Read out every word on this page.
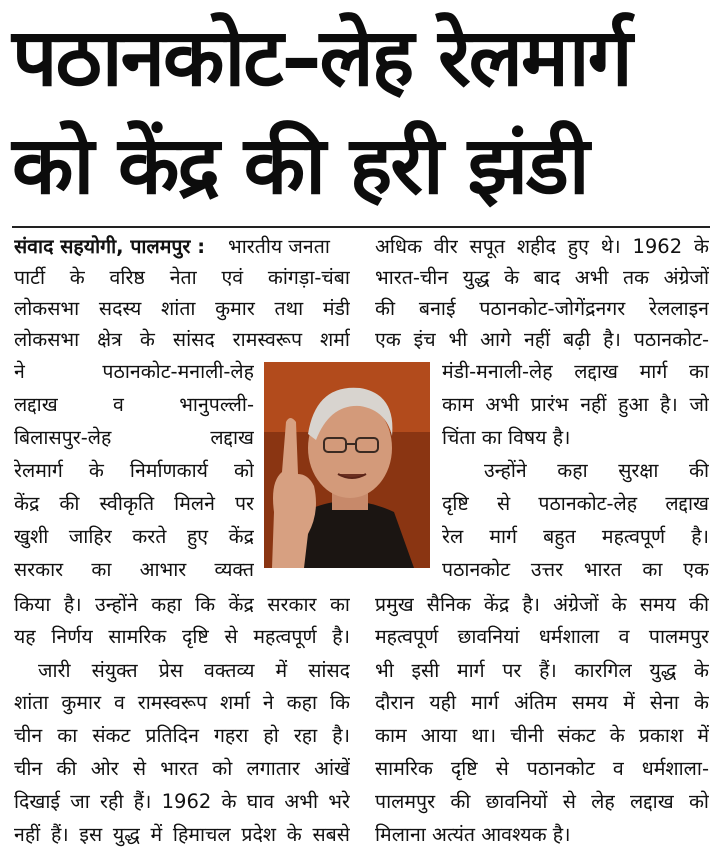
पठानकोट–लेह रेलमार्ग
को केंद्र की हरी झंडी
संवाद सहयोगी, पालमपुर :	भारतीय जनता
पार्टी के वरिष्ठ नेता एवं कांगड़ा-चंबा
लोकसभा सदस्य शांता कुमार तथा मंडी
लोकसभा क्षेत्र के सांसद रामस्वरूप शर्मा
ने पठानकोट-मनाली-लेह
लद्दाख व भानुपल्ली-
बिलासपुर-लेह लद्दाख
रेलमार्ग के निर्माणकार्य को
केंद्र की स्वीकृति मिलने पर
खुशी जाहिर करते हुए केंद्र
सरकार का आभार व्यक्त
किया है। उन्होंने कहा कि केंद्र सरकार का
यह निर्णय सामरिक दृष्टि से महत्वपूर्ण है।
जारी संयुक्त प्रेस वक्तव्य में सांसद
शांता कुमार व रामस्वरूप शर्मा ने कहा कि
चीन का संकट प्रतिदिन गहरा हो रहा है।
चीन की ओर से भारत को लगातार आंखें
दिखाई जा रही हैं। 1962 के घाव अभी भरे
नहीं हैं। इस युद्ध में हिमाचल प्रदेश के सबसे
अधिक वीर सपूत शहीद हुए थे। 1962 के
भारत-चीन युद्ध के बाद अभी तक अंग्रेजों
की बनाई पठानकोट-जोगेंद्रनगर रेललाइन
एक इंच भी आगे नहीं बढ़ी है। पठानकोट-
मंडी-मनाली-लेह लद्दाख मार्ग का
काम अभी प्रारंभ नहीं हुआ है। जो
चिंता का विषय है।
उन्होंने कहा सुरक्षा की
दृष्टि से पठानकोट-लेह लद्दाख
रेल मार्ग बहुत महत्वपूर्ण है।
पठानकोट उत्तर भारत का एक
प्रमुख सैनिक केंद्र है। अंग्रेजों के समय की
महत्वपूर्ण छावनियां धर्मशाला व पालमपुर
भी इसी मार्ग पर हैं। कारगिल युद्ध के
दौरान यही मार्ग अंतिम समय में सेना के
काम आया था। चीनी संकट के प्रकाश में
सामरिक दृष्टि से पठानकोट व धर्मशाला-
पालमपुर की छावनियों से लेह लद्दाख को
मिलाना अत्यंत आवश्यक है।
